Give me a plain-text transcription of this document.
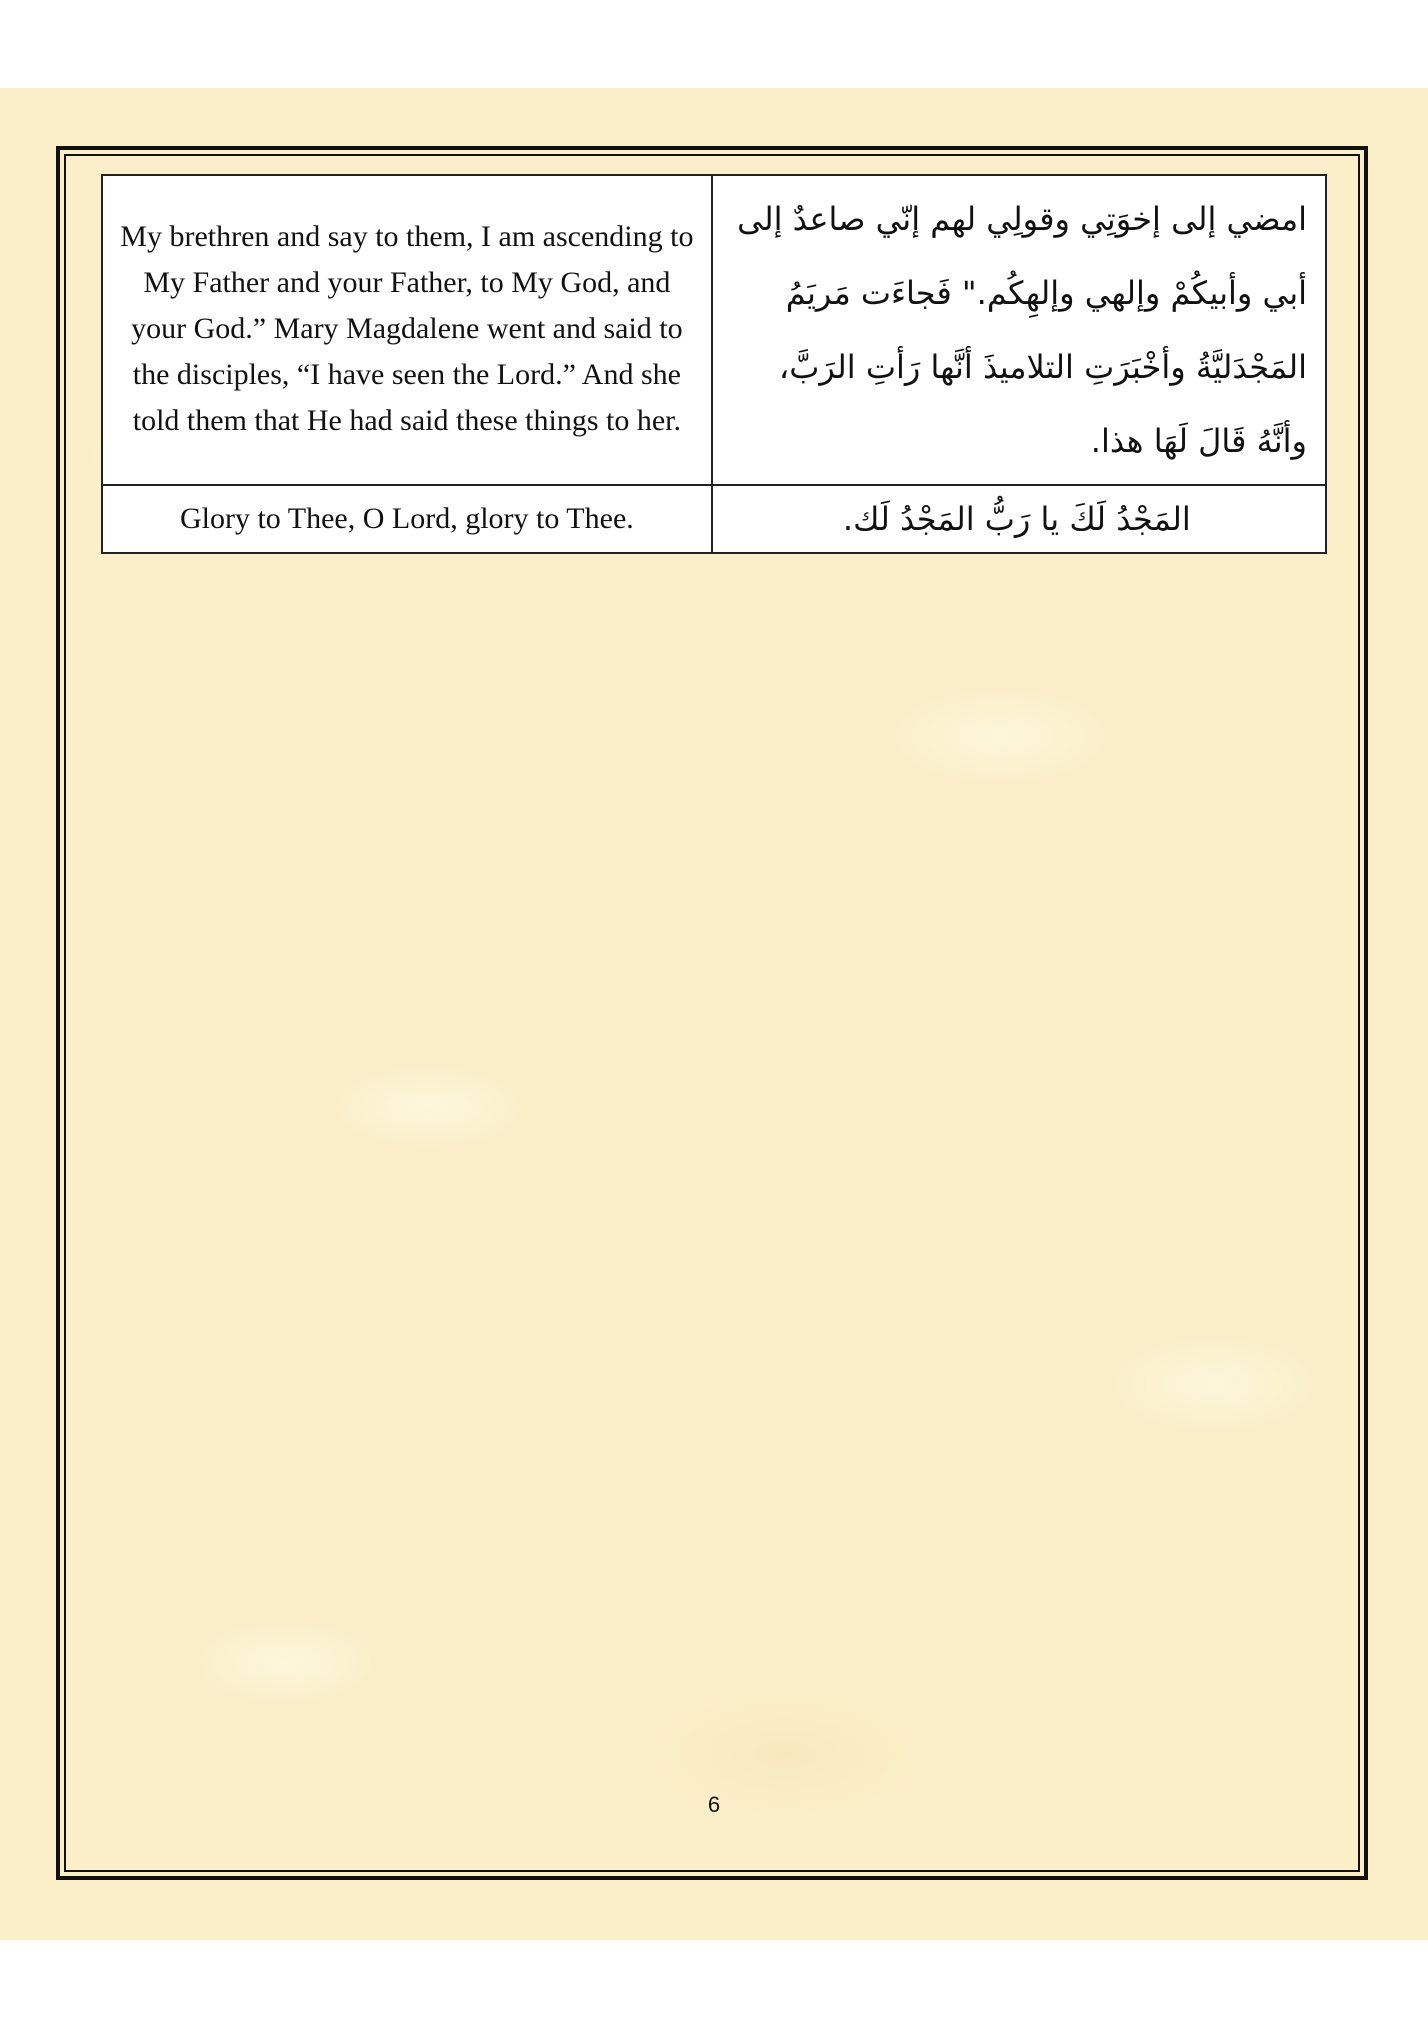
My brethren and say to them, I am ascending to My Father and your Father, to My God, and your God.” Mary Magdalene went and said to the disciples, “I have seen the Lord.” And she told them that He had said these things to her.	امضي إلى إخوَتِي وقولِي لهم إنّي صاعدٌ إلى أبي وأبيكُمْ وإلهي وإلهِكُم." فَجاءَت مَريَمُ المَجْدَليَّةُ وأخْبَرَتِ التلاميذَ أنَّها رَأتِ الرَبَّ، وأنَّهُ قَالَ لَهَا هذا.
Glory to Thee, O Lord, glory to Thee.	المَجْدُ لَكَ يا رَبُّ المَجْدُ لَك.
6
